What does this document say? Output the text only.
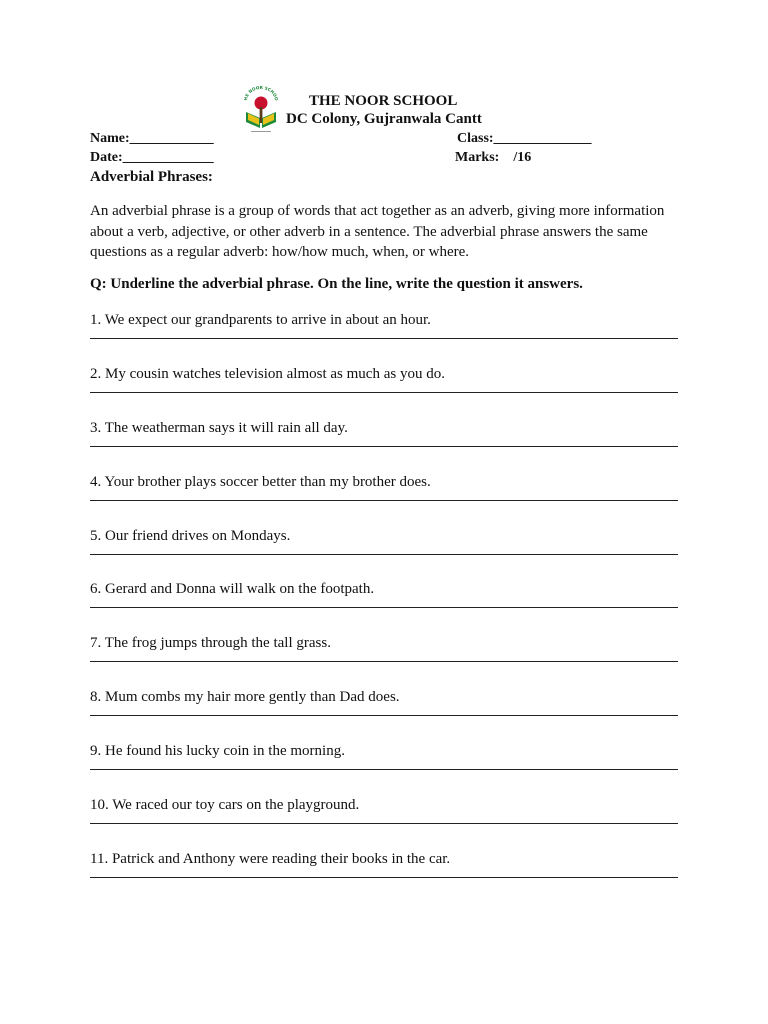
HE NOOR SCHOO THE NOOR SCHOOL
DC Colony, Gujranwala Cantt
Name:____________	Class:______________
Date:_____________	Marks:    /16
Adverbial Phrases:
An adverbial phrase is a group of words that act together as an adverb, giving more information about a verb, adjective, or other adverb in a sentence. The adverbial phrase answers the same questions as a regular adverb: how/how much, when, or where.
Q: Underline the adverbial phrase. On the line, write the question it answers.
1. We expect our grandparents to arrive in about an hour.
2. My cousin watches television almost as much as you do.
3. The weatherman says it will rain all day.
4. Your brother plays soccer better than my brother does.
5. Our friend drives on Mondays.
6. Gerard and Donna will walk on the footpath.
7. The frog jumps through the tall grass.
8. Mum combs my hair more gently than Dad does.
9. He found his lucky coin in the morning.
10. We raced our toy cars on the playground.
11. Patrick and Anthony were reading their books in the car.
